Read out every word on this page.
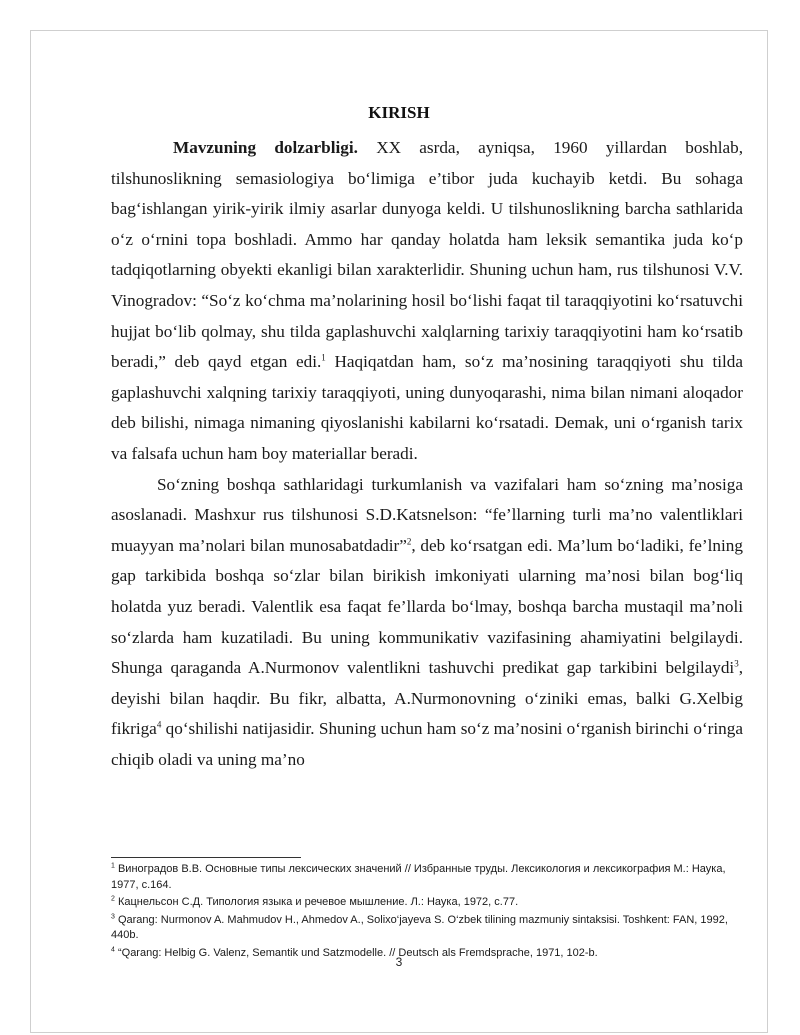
KIRISH

Mavzuning dolzarbligi. XX asrda, ayniqsa, 1960 yillardan boshlab, tilshunoslikning semasiologiya bo‘limiga e’tibor juda kuchayib ketdi. Bu sohaga bag‘ishlangan yirik-yirik ilmiy asarlar dunyoga keldi. U tilshunoslikning barcha sathlarida o‘z o‘rnini topa boshladi. Ammo har qanday holatda ham leksik semantika juda ko‘p tadqiqotlarning obyekti ekanligi bilan xarakterlidir. Shuning uchun ham, rus tilshunosi V.V. Vinogradov: “So‘z ko‘chma ma’nolarining hosil bo‘lishi faqat til taraqqiyotini ko‘rsatuvchi hujjat bo‘lib qolmay, shu tilda gaplashuvchi xalqlarning tarixiy taraqqiyotini ham ko‘rsatib beradi,” deb qayd etgan edi.$^1$ Haqiqatdan ham, so‘z ma’nosining taraqqiyoti shu tilda gaplashuvchi xalqning tarixiy taraqqiyoti, uning dunyoqarashi, nima bilan nimani aloqador deb bilishi, nimaga nimaning qiyoslanishi kabilarni ko‘rsatadi. Demak, uni o‘rganish tarix va falsafa uchun ham boy materiallar beradi.

So‘zning boshqa sathlaridagi turkumlanish va vazifalari ham so‘zning ma’nosiga asoslanadi. Mashxur rus tilshunosi S.D.Katsnelson: “fe’llarning turli ma’no valentliklari muayyan ma’nolari bilan munosabatdadir”$^2$, deb ko‘rsatgan edi. Ma’lum bo‘ladiki, fe’lning gap tarkibida boshqa so‘zlar bilan birikish imkoniyati ularning ma’nosi bilan bog‘liq holatda yuz beradi. Valentlik esa faqat fe’llarda bo‘lmay, boshqa barcha mustaqil ma’noli so‘zlarda ham kuzatiladi. Bu uning kommunikativ vazifasining ahamiyatini belgilaydi. Shunga qaraganda A.Nurmonov valentlikni tashuvchi predikat gap tarkibini belgilaydi$^3$, deyishi bilan haqdir. Bu fikr, albatta, A.Nurmonovning o‘ziniki emas, balki G.Xelbig fikriga$^4$ qo‘shilishi natijasidir. Shuning uchun ham so‘z ma’nosini o‘rganish birinchi o‘ringa chiqib oladi va uning ma’no

$^1$ Виноградов В.В. Основные типы лексических значений // Избранные труды. Лексикология и лексикография М.: Наука, 1977, с.164.
$^2$ Кацнельсон С.Д. Типология языка и речевое мышление. Л.: Наука, 1972, с.77.
$^3$ Qarang: Nurmonov A. Mahmudov H., Ahmedov A., Solixo‘jayeva S. O‘zbek tilining mazmuniy sintaksisi. Toshkent: FAN, 1992, 440b.
$^4$ “Qarang: Helbig G. Valenz, Semantik und Satzmodelle. // Deutsch als Fremdsprache, 1971, 102-b.
3
